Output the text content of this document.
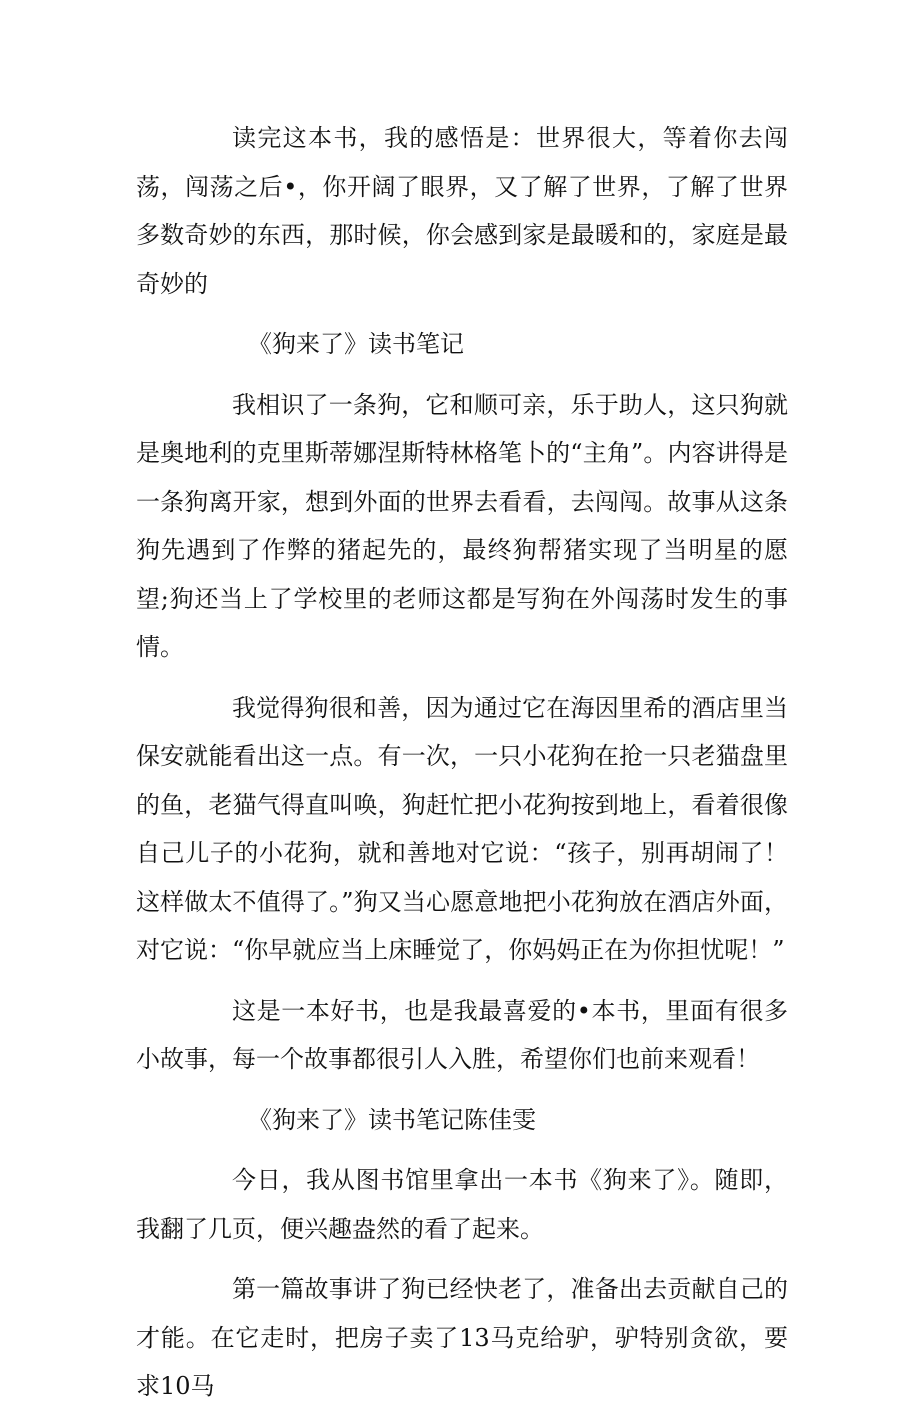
读完这本书，我的感悟是：世界很大，等着你去闯荡，闯荡之后•，你开阔了眼界，又了解了世界，了解了世界多数奇妙的东西，那时候，你会感到家是最暖和的，家庭是最奇妙的

《狗来了》读书笔记

我相识了一条狗，它和顺可亲，乐于助人，这只狗就是奥地利的克里斯蒂娜涅斯特林格笔卜的“主角”。内容讲得是一条狗离开家，想到外面的世界去看看，去闯闯。故事从这条狗先遇到了作弊的猪起先的，最终狗帮猪实现了当明星的愿望;狗还当上了学校里的老师这都是写狗在外闯荡时发生的事情。

我觉得狗很和善，因为通过它在海因里希的酒店里当保安就能看出这一点。有一次，一只小花狗在抢一只老猫盘里的鱼，老猫气得直叫唤，狗赶忙把小花狗按到地上，看着很像自己儿子的小花狗，就和善地对它说：“孩子，别再胡闹了！这样做太不值得了。”狗又当心愿意地把小花狗放在酒店外面，对它说：“你早就应当上床睡觉了，你妈妈正在为你担忧呢！”

这是一本好书，也是我最喜爱的•本书，里面有很多小故事，每一个故事都很引人入胜，希望你们也前来观看！

《狗来了》读书笔记陈佳雯

今日，我从图书馆里拿出一本书《狗来了》。随即，我翻了几页，便兴趣盎然的看了起来。

第一篇故事讲了狗已经快老了，准备出去贡献自己的才能。在它走时，把房子卖了13马克给驴，驴特别贪欲，要求10马
